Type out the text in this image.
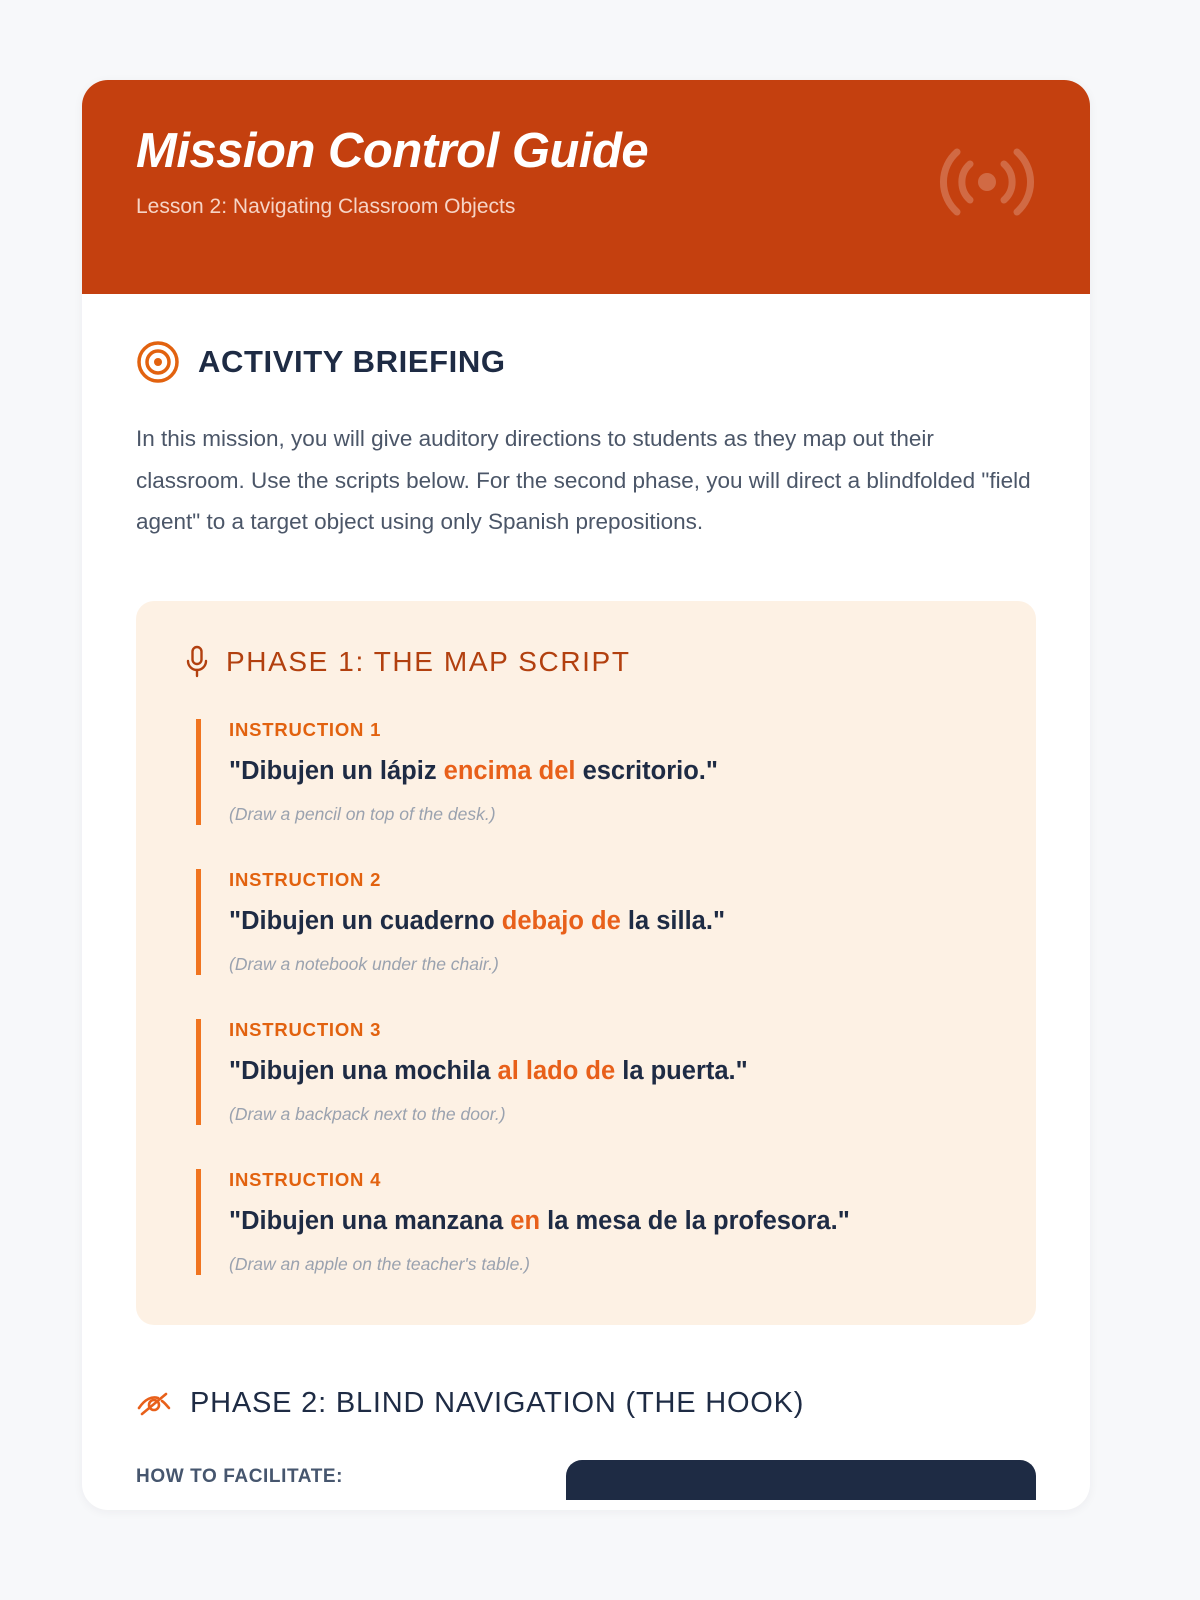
Mission Control Guide

Lesson 2: Navigating Classroom Objects

ACTIVITY BRIEFING

In this mission, you will give auditory directions to students as they map out their classroom. Use the scripts below. For the second phase, you will direct a blindfolded "field agent" to a target object using only Spanish prepositions.

PHASE 1: THE MAP SCRIPT

INSTRUCTION 1

"Dibujen un lápiz encima del escritorio."

(Draw a pencil on top of the desk.)

INSTRUCTION 2

"Dibujen un cuaderno debajo de la silla."

(Draw a notebook under the chair.)

INSTRUCTION 3

"Dibujen una mochila al lado de la puerta."

(Draw a backpack next to the door.)

INSTRUCTION 4

"Dibujen una manzana en la mesa de la profesora."

(Draw an apple on the teacher's table.)

PHASE 2: BLIND NAVIGATION (THE HOOK)

HOW TO FACILITATE:
